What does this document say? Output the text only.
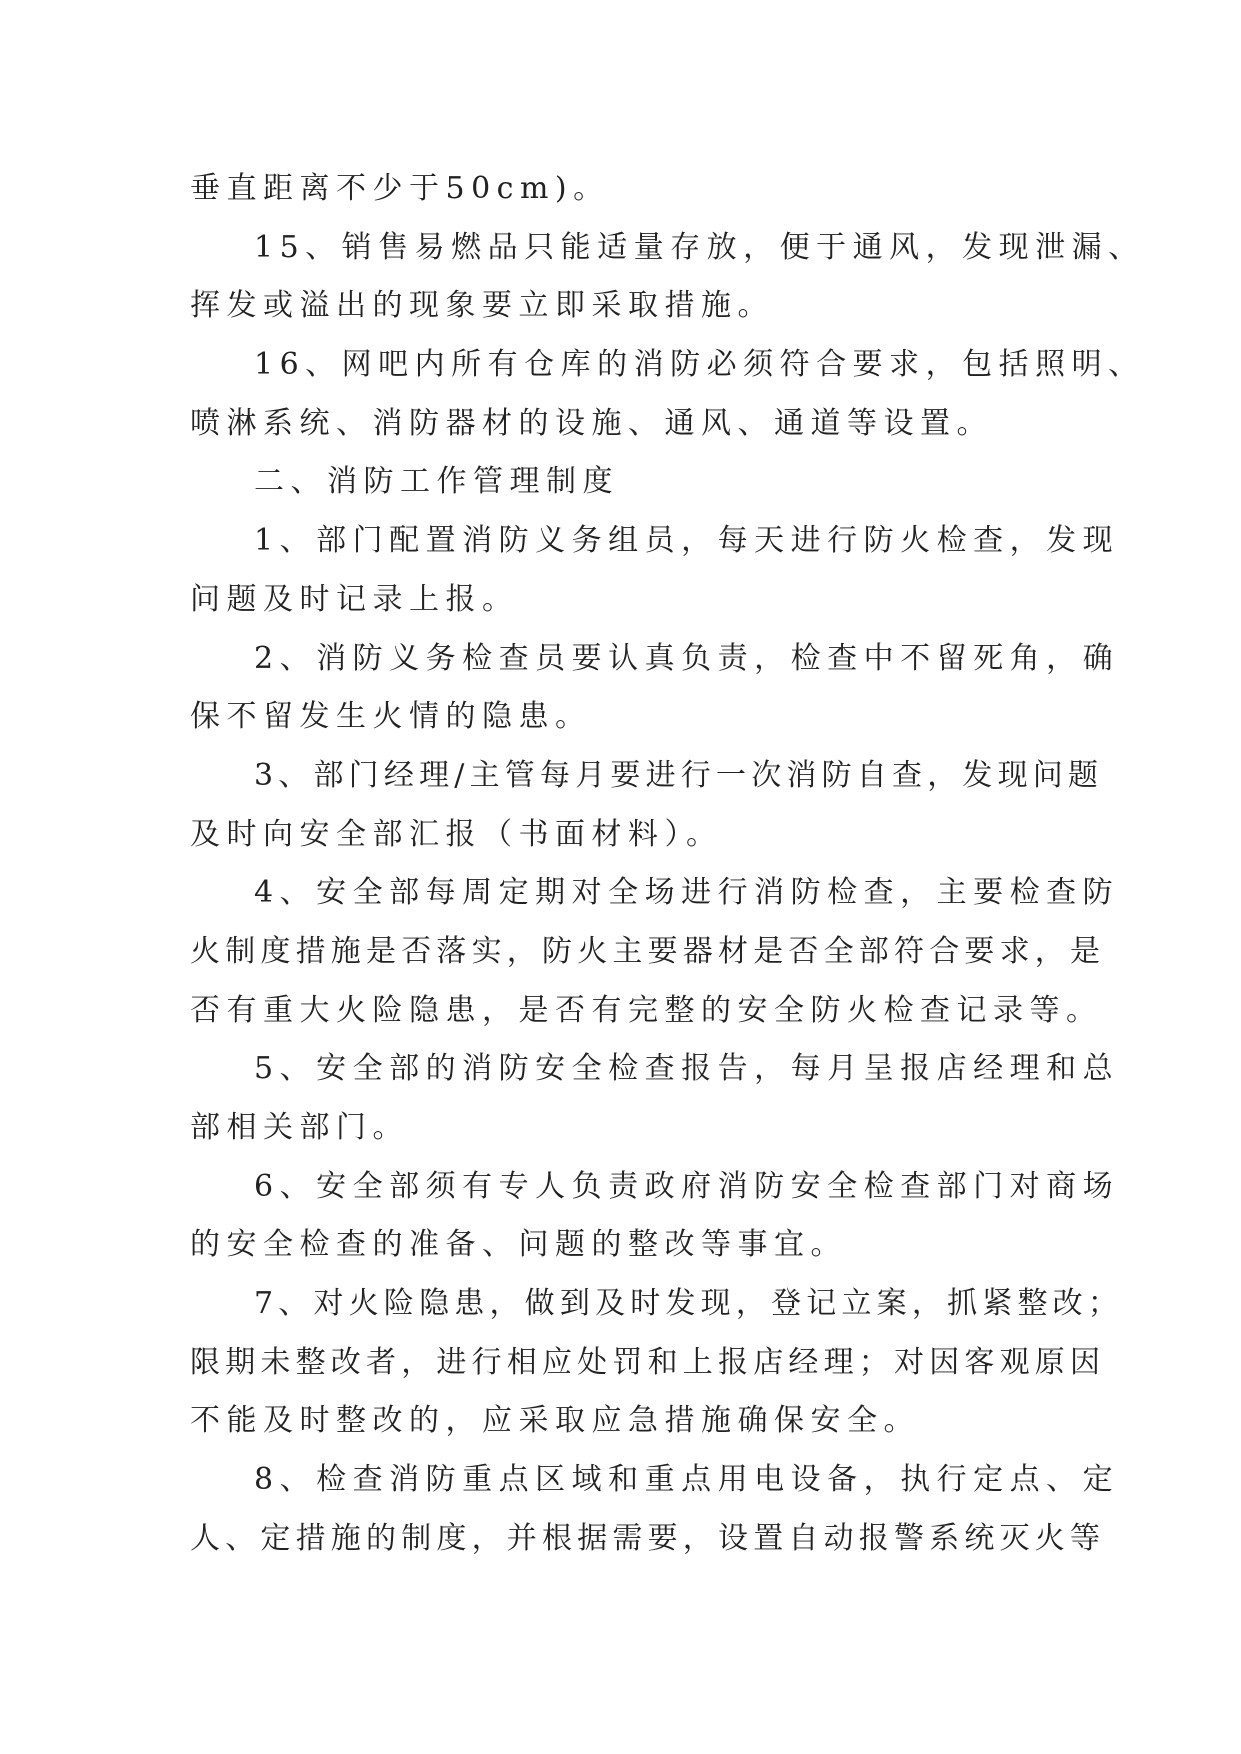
垂直距离不少于50cm)。
15、销售易燃品只能适量存放，便于通风，发现泄漏、
挥发或溢出的现象要立即采取措施。
16、网吧内所有仓库的消防必须符合要求，包括照明、
喷淋系统、消防器材的设施、通风、通道等设置。
二、消防工作管理制度
1、部门配置消防义务组员，每天进行防火检查，发现
问题及时记录上报。
2、消防义务检查员要认真负责，检查中不留死角，确
保不留发生火情的隐患。
3、部门经理/主管每月要进行一次消防自查，发现问题
及时向安全部汇报（书面材料）。
4、安全部每周定期对全场进行消防检查，主要检查防
火制度措施是否落实，防火主要器材是否全部符合要求，是
否有重大火险隐患，是否有完整的安全防火检查记录等。
5、安全部的消防安全检查报告，每月呈报店经理和总
部相关部门。
6、安全部须有专人负责政府消防安全检查部门对商场
的安全检查的准备、问题的整改等事宜。
7、对火险隐患，做到及时发现，登记立案，抓紧整改；
限期未整改者，进行相应处罚和上报店经理；对因客观原因
不能及时整改的，应采取应急措施确保安全。
8、检查消防重点区域和重点用电设备，执行定点、定
人、定措施的制度，并根据需要，设置自动报警系统灭火等
